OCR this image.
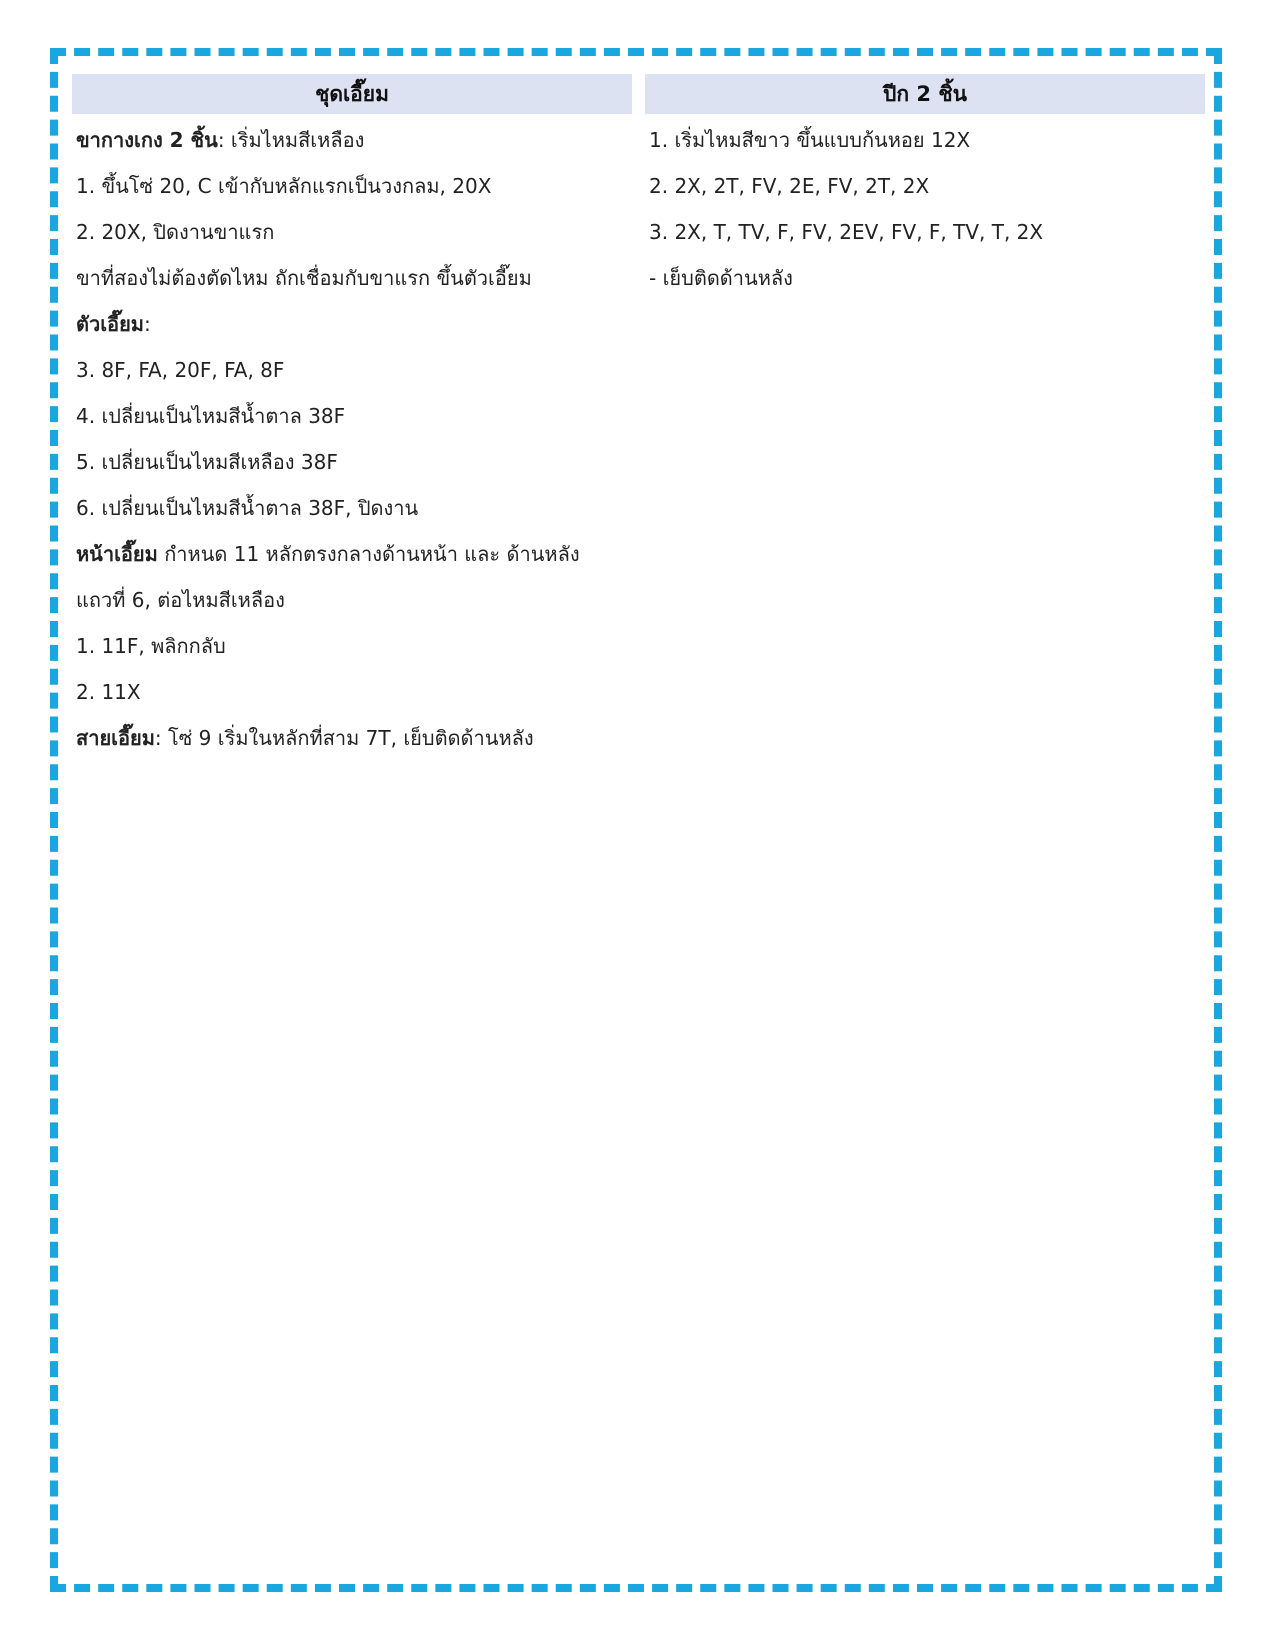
ชุดเอี๊ยม
ขากางเกง 2 ชิ้น: เริ่มไหมสีเหลือง
1. ขึ้นโซ่ 20, C เข้ากับหลักแรกเป็นวงกลม, 20X
2. 20X, ปิดงานขาแรก
ขาที่สองไม่ต้องตัดไหม ถักเชื่อมกับขาแรก ขึ้นตัวเอี๊ยม
ตัวเอี๊ยม:
3. 8F, FA, 20F, FA, 8F
4. เปลี่ยนเป็นไหมสีน้ำตาล 38F
5. เปลี่ยนเป็นไหมสีเหลือง 38F
6. เปลี่ยนเป็นไหมสีน้ำตาล 38F, ปิดงาน
หน้าเอี๊ยม กำหนด 11 หลักตรงกลางด้านหน้า และ ด้านหลัง
แถวที่ 6, ต่อไหมสีเหลือง
1. 11F, พลิกกลับ
2. 11X
สายเอี๊ยม: โซ่ 9 เริ่มในหลักที่สาม 7T, เย็บติดด้านหลัง
ปีก 2 ชิ้น
1. เริ่มไหมสีขาว ขึ้นแบบก้นหอย 12X
2. 2X, 2T, FV, 2E, FV, 2T, 2X
3. 2X, T, TV, F, FV, 2EV, FV, F, TV, T, 2X
- เย็บติดด้านหลัง
